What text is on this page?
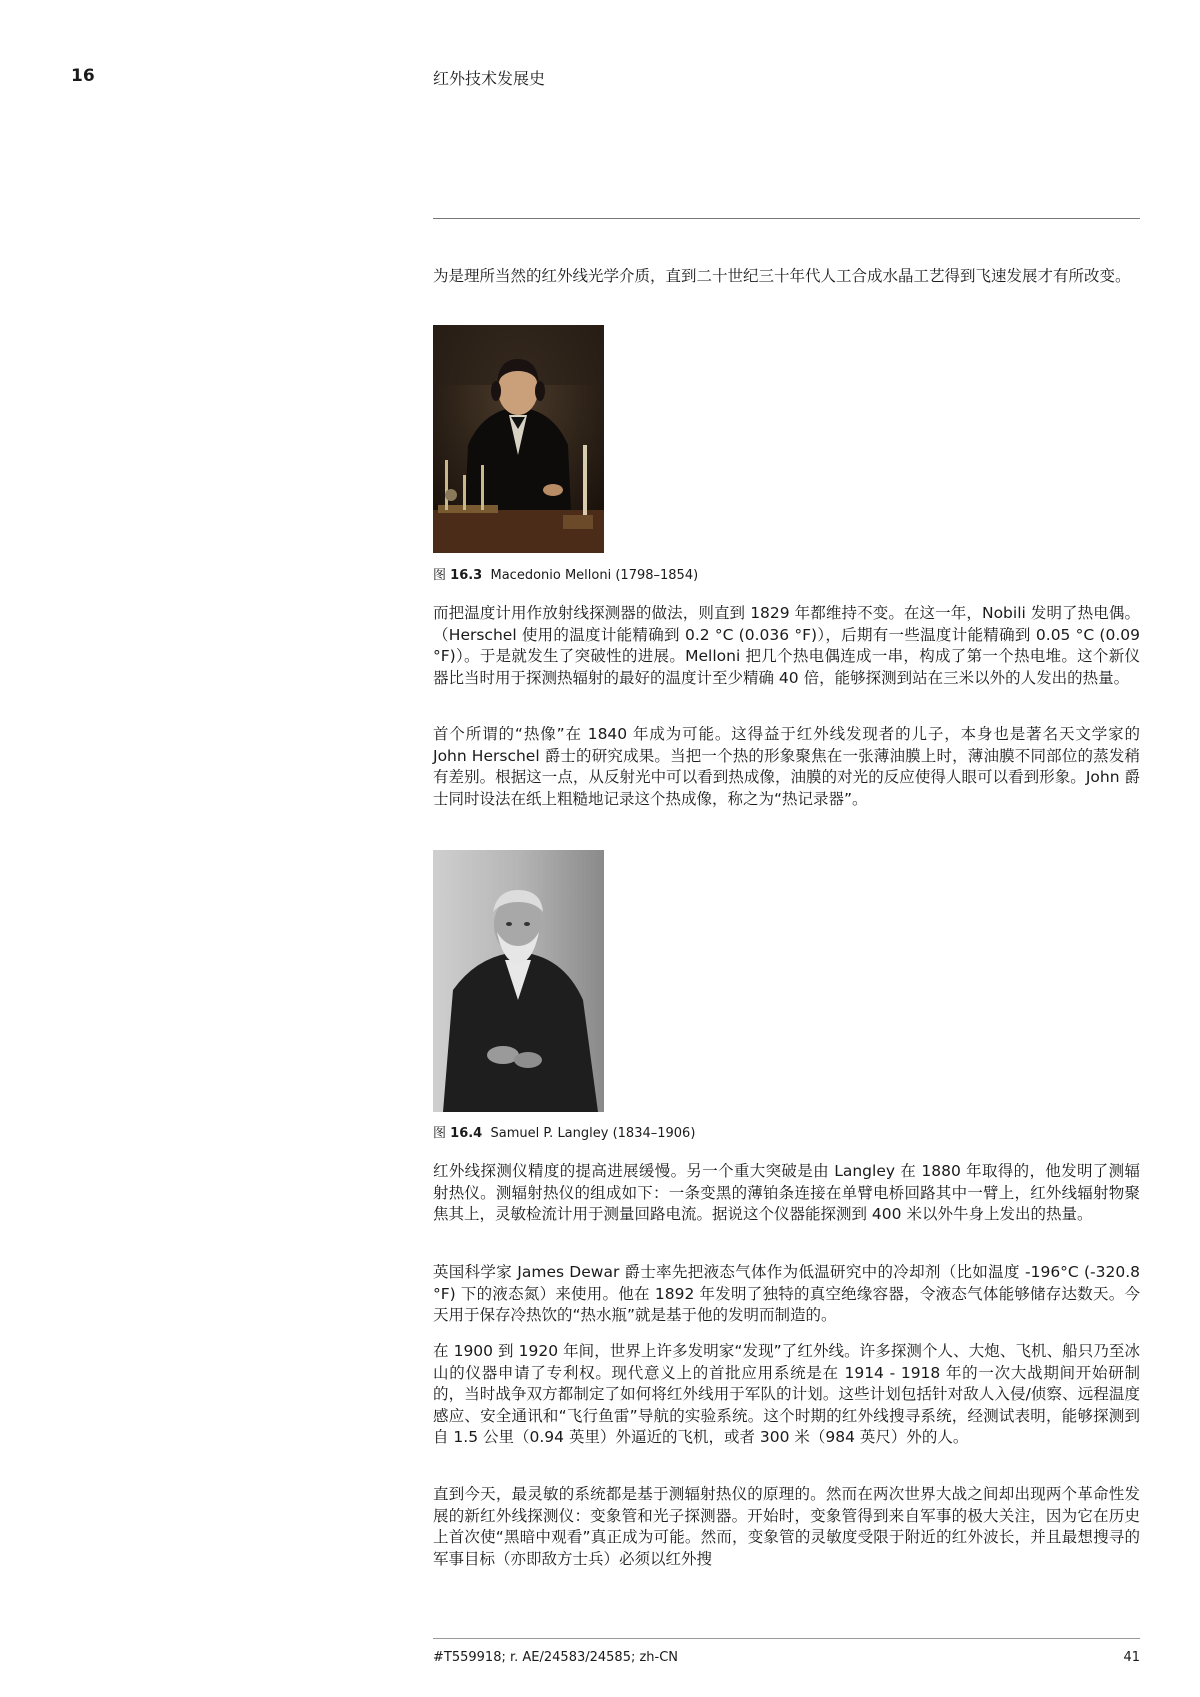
16	红外技术发展史

为是理所当然的红外线光学介质，直到二十世纪三十年代人工合成水晶工艺得到飞速发展才有所改变。

图 16.3 Macedonio Melloni (1798–1854)

而把温度计用作放射线探测器的做法，则直到 1829 年都维持不变。在这一年，Nobili 发明了热电偶。（Herschel 使用的温度计能精确到 0.2 °C (0.036 °F)），后期有一些温度计能精确到 0.05 °C (0.09 °F)）。于是就发生了突破性的进展。Melloni 把几个热电偶连成一串，构成了第一个热电堆。这个新仪器比当时用于探测热辐射的最好的温度计至少精确 40 倍，能够探测到站在三米以外的人发出的热量。

首个所谓的“热像”在 1840 年成为可能。这得益于红外线发现者的儿子，本身也是著名天文学家的 John Herschel 爵士的研究成果。当把一个热的形象聚焦在一张薄油膜上时，薄油膜不同部位的蒸发稍有差别。根据这一点，从反射光中可以看到热成像，油膜的对光的反应使得人眼可以看到形象。John 爵士同时设法在纸上粗糙地记录这个热成像，称之为“热记录器”。

图 16.4 Samuel P. Langley (1834–1906)

红外线探测仪精度的提高进展缓慢。另一个重大突破是由 Langley 在 1880 年取得的，他发明了测辐射热仪。测辐射热仪的组成如下：一条变黑的薄铂条连接在单臂电桥回路其中一臂上，红外线辐射物聚焦其上，灵敏检流计用于测量回路电流。据说这个仪器能探测到 400 米以外牛身上发出的热量。

英国科学家 James Dewar 爵士率先把液态气体作为低温研究中的冷却剂（比如温度 -196°C (-320.8 °F) 下的液态氮）来使用。他在 1892 年发明了独特的真空绝缘容器，令液态气体能够储存达数天。今天用于保存冷热饮的“热水瓶”就是基于他的发明而制造的。

在 1900 到 1920 年间，世界上许多发明家“发现”了红外线。许多探测个人、大炮、飞机、船只乃至冰山的仪器申请了专利权。现代意义上的首批应用系统是在 1914 - 1918 年的一次大战期间开始研制的，当时战争双方都制定了如何将红外线用于军队的计划。这些计划包括针对敌人入侵/侦察、远程温度感应、安全通讯和“飞行鱼雷”导航的实验系统。这个时期的红外线搜寻系统，经测试表明，能够探测到自 1.5 公里（0.94 英里）外逼近的飞机，或者 300 米（984 英尺）外的人。

直到今天，最灵敏的系统都是基于测辐射热仪的原理的。然而在两次世界大战之间却出现两个革命性发展的新红外线探测仪：变象管和光子探测器。开始时，变象管得到来自军事的极大关注，因为它在历史上首次使“黑暗中观看”真正成为可能。然而，变象管的灵敏度受限于附近的红外波长，并且最想搜寻的军事目标（亦即敌方士兵）必须以红外搜

#T559918; r. AE/24583/24585; zh-CN	41
